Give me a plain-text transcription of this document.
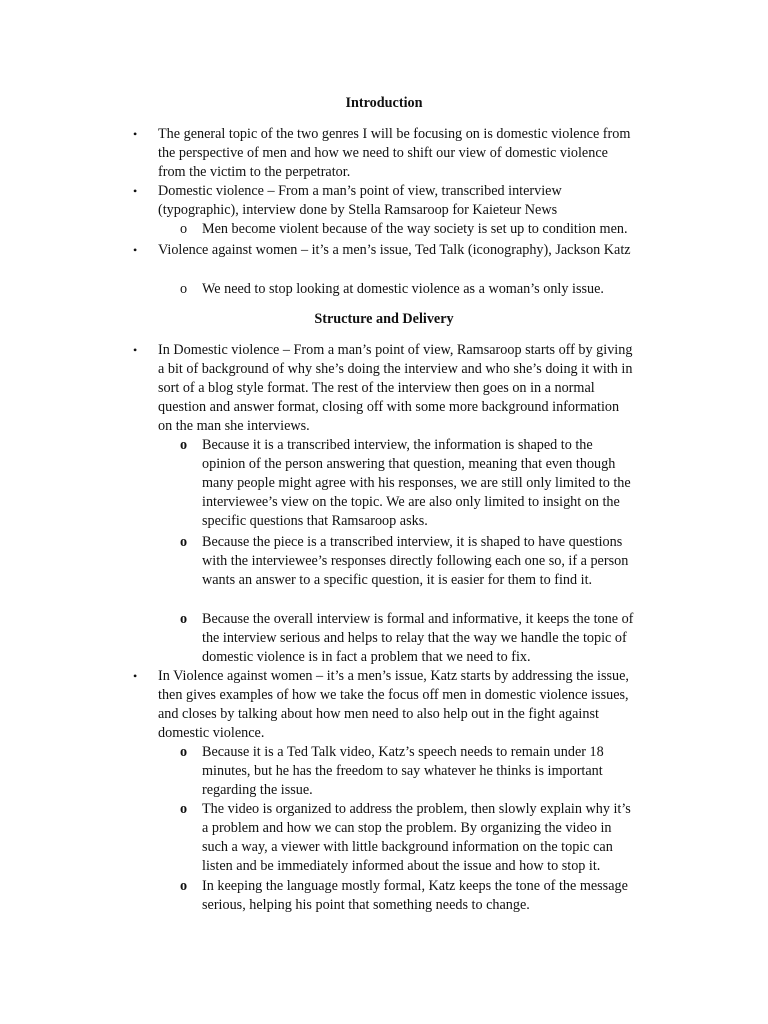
Introduction
• The general topic of the two genres I will be focusing on is domestic violence from the perspective of men and how we need to shift our view of domestic violence from the victim to the perpetrator.
• Domestic violence – From a man’s point of view, transcribed interview (typographic), interview done by Stella Ramsaroop for Kaieteur News
o Men become violent because of the way society is set up to condition men.
• Violence against women – it’s a men’s issue, Ted Talk (iconography), Jackson Katz
o We need to stop looking at domestic violence as a woman’s only issue.
Structure and Delivery
• In Domestic violence – From a man’s point of view, Ramsaroop starts off by giving a bit of background of why she’s doing the interview and who she’s doing it with in sort of a blog style format. The rest of the interview then goes on in a normal question and answer format, closing off with some more background information on the man she interviews.
o Because it is a transcribed interview, the information is shaped to the opinion of the person answering that question, meaning that even though many people might agree with his responses, we are still only limited to the interviewee’s view on the topic. We are also only limited to insight on the specific questions that Ramsaroop asks.
o Because the piece is a transcribed interview, it is shaped to have questions with the interviewee’s responses directly following each one so, if a person wants an answer to a specific question, it is easier for them to find it.
o Because the overall interview is formal and informative, it keeps the tone of the interview serious and helps to relay that the way we handle the topic of domestic violence is in fact a problem that we need to fix.
• In Violence against women – it’s a men’s issue, Katz starts by addressing the issue, then gives examples of how we take the focus off men in domestic violence issues, and closes by talking about how men need to also help out in the fight against domestic violence.
o Because it is a Ted Talk video, Katz’s speech needs to remain under 18 minutes, but he has the freedom to say whatever he thinks is important regarding the issue.
o The video is organized to address the problem, then slowly explain why it’s a problem and how we can stop the problem. By organizing the video in such a way, a viewer with little background information on the topic can listen and be immediately informed about the issue and how to stop it.
o In keeping the language mostly formal, Katz keeps the tone of the message serious, helping his point that something needs to change.
